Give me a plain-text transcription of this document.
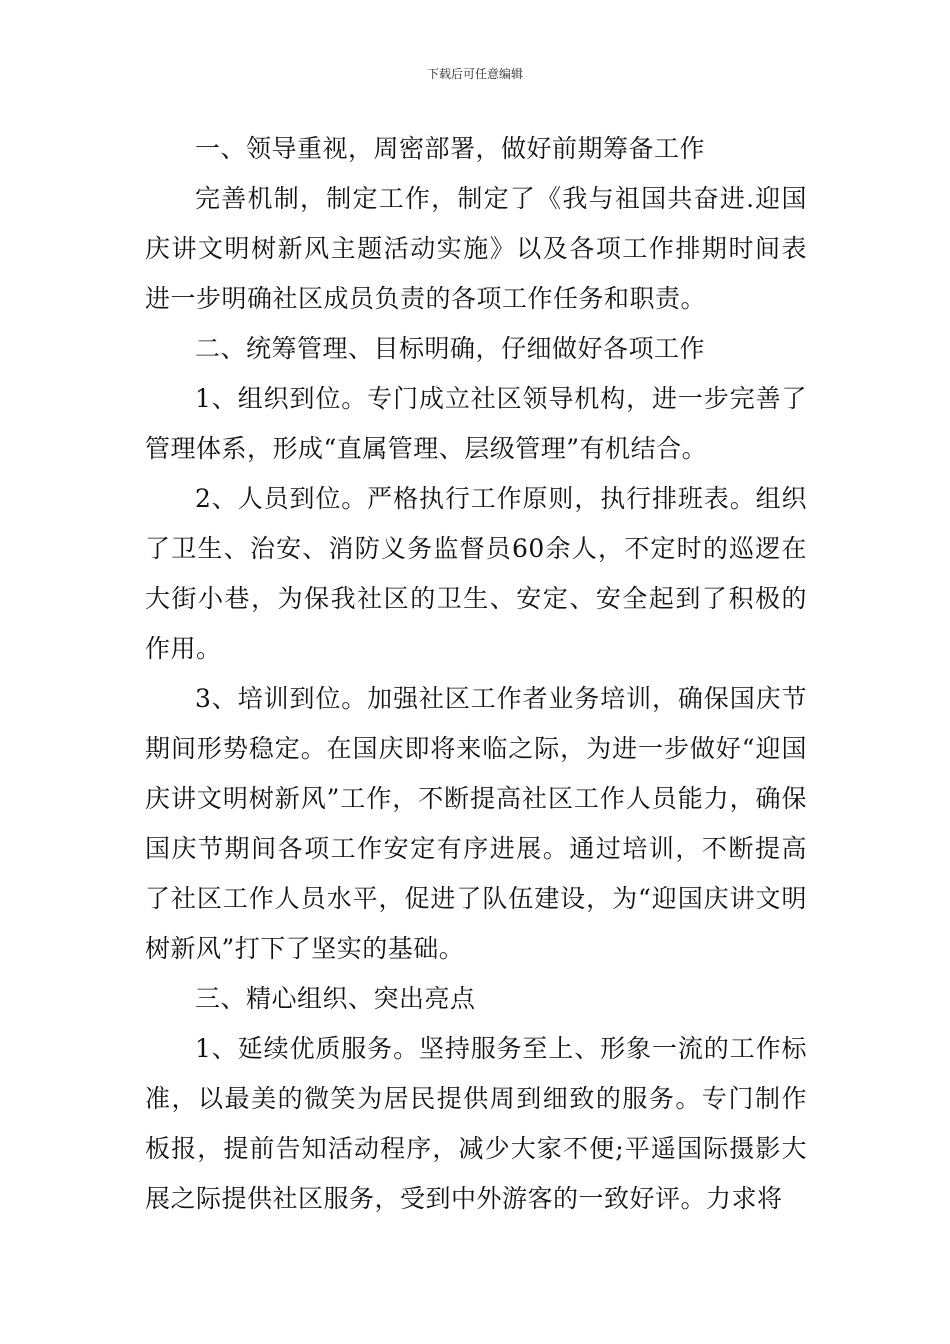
下载后可任意编辑

一、领导重视，周密部署，做好前期筹备工作

完善机制，制定工作，制定了《我与祖国共奋进.迎国庆讲文明树新风主题活动实施》以及各项工作排期时间表进一步明确社区成员负责的各项工作任务和职责。

二、统筹管理、目标明确，仔细做好各项工作

1、组织到位。专门成立社区领导机构，进一步完善了管理体系，形成“直属管理、层级管理”有机结合。

2、人员到位。严格执行工作原则，执行排班表。组织了卫生、治安、消防义务监督员60余人，不定时的巡逻在大街小巷，为保我社区的卫生、安定、安全起到了积极的作用。

3、培训到位。加强社区工作者业务培训，确保国庆节期间形势稳定。在国庆即将来临之际，为进一步做好“迎国庆讲文明树新风”工作，不断提高社区工作人员能力，确保国庆节期间各项工作安定有序进展。通过培训，不断提高了社区工作人员水平，促进了队伍建设，为“迎国庆讲文明树新风”打下了坚实的基础。

三、精心组织、突出亮点

1、延续优质服务。坚持服务至上、形象一流的工作标准，以最美的微笑为居民提供周到细致的服务。专门制作板报，提前告知活动程序，减少大家不便;平遥国际摄影大展之际提供社区服务，受到中外游客的一致好评。力求将
